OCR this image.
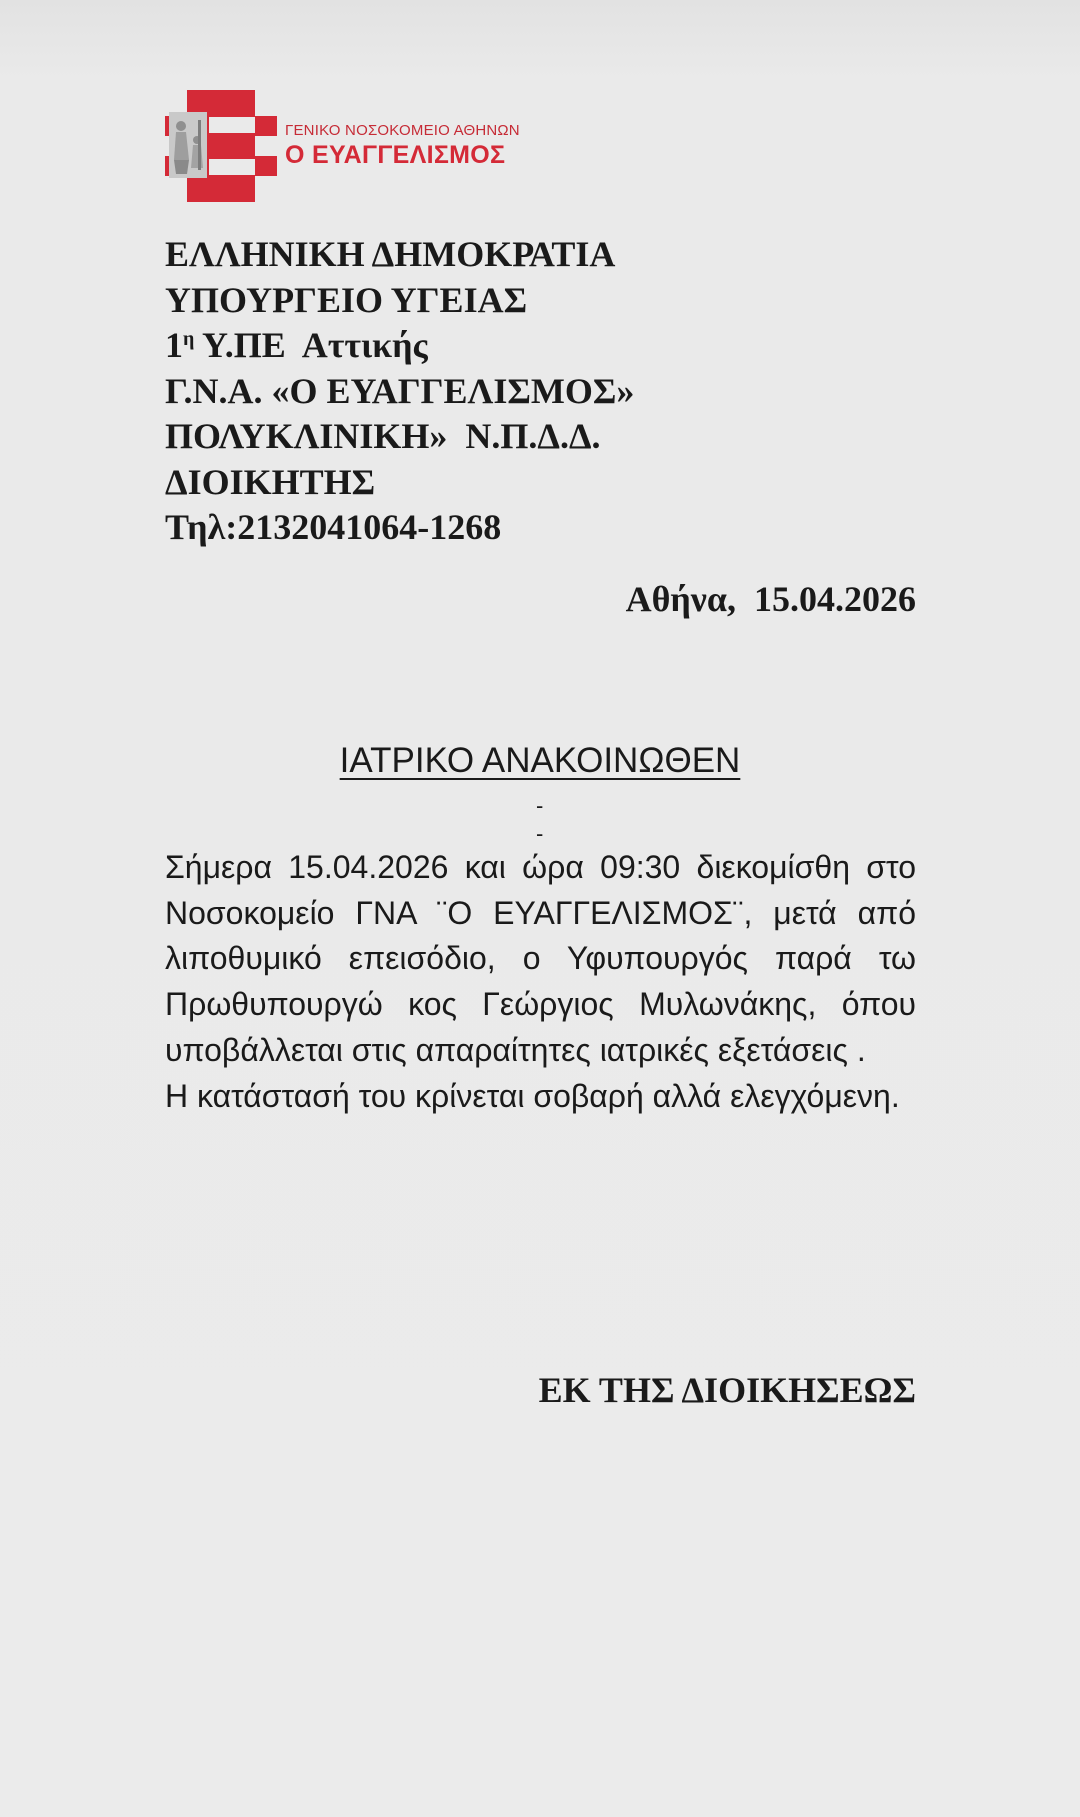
ΓΕΝΙΚΟ ΝΟΣΟΚΟΜΕΙΟ ΑΘΗΝΩΝ
Ο ΕΥΑΓΓΕΛΙΣΜΟΣ
ΕΛΛΗΝΙΚΗ ΔΗΜΟΚΡΑΤΙΑ
ΥΠΟΥΡΓΕΙΟ ΥΓΕΙΑΣ
$1^\eta$ Υ.ΠΕ  Αττικής
Γ.Ν.Α. «Ο ΕΥΑΓΓΕΛΙΣΜΟΣ»
ΠΟΛΥΚΛΙΝΙΚΗ»  Ν.Π.Δ.Δ.
ΔΙΟΙΚΗΤΗΣ
Τηλ:2132041064-1268
Αθήνα,  15.04.2026
ΙΑΤΡΙΚΟ ΑΝΑΚΟΙΝΩΘΕΝ
-
-

Σήμερα 15.04.2026 και ώρα 09:30 διεκομίσθη στο Νοσοκομείο ΓΝΑ ¨Ο ΕΥΑΓΓΕΛΙΣΜΟΣ¨, μετά από λιποθυμικό επεισόδιο, ο Υφυπουργός παρά τω Πρωθυπουργώ κος Γεώργιος Μυλωνάκης, όπου υποβάλλεται στις απαραίτητες ιατρικές εξετάσεις .

Η κατάστασή του κρίνεται σοβαρή αλλά ελεγχόμενη.

ΕΚ ΤΗΣ ΔΙΟΙΚΗΣΕΩΣ
